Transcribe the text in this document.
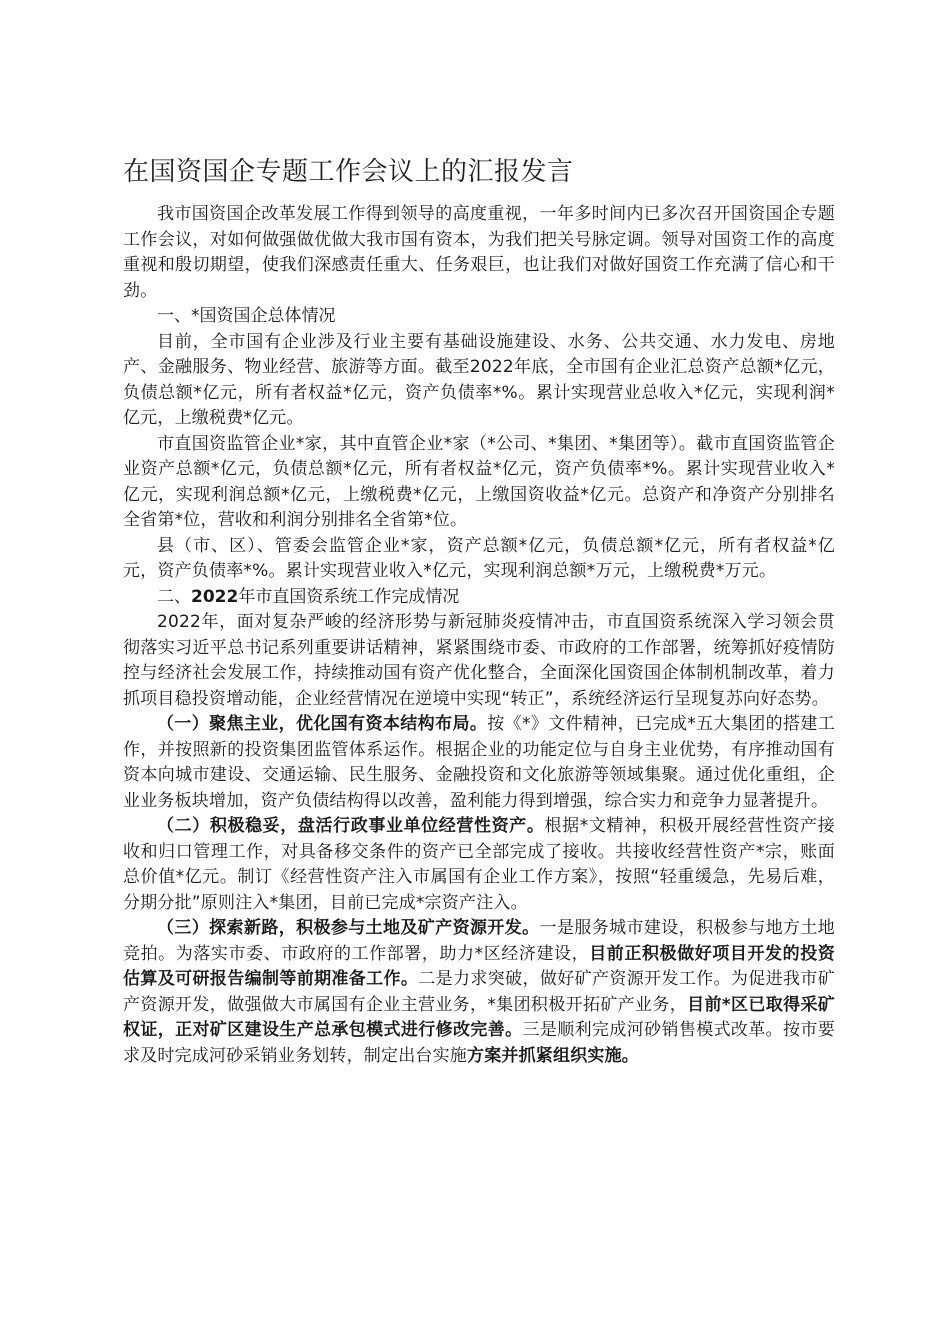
在国资国企专题工作会议上的汇报发言

我市国资国企改革发展工作得到领导的高度重视，一年多时间内已多次召开国资国企专题工作会议，对如何做强做优做大我市国有资本，为我们把关号脉定调。领导对国资工作的高度重视和殷切期望，使我们深感责任重大、任务艰巨，也让我们对做好国资工作充满了信心和干劲。

一、*国资国企总体情况

目前，全市国有企业涉及行业主要有基础设施建设、水务、公共交通、水力发电、房地产、金融服务、物业经营、旅游等方面。截至2022年底，全市国有企业汇总资产总额*亿元，负债总额*亿元，所有者权益*亿元，资产负债率*%。累计实现营业总收入*亿元，实现利润*亿元，上缴税费*亿元。

市直国资监管企业*家，其中直管企业*家（*公司、*集团、*集团等）。截市直国资监管企业资产总额*亿元，负债总额*亿元，所有者权益*亿元，资产负债率*%。累计实现营业收入*亿元，实现利润总额*亿元，上缴税费*亿元，上缴国资收益*亿元。总资产和净资产分别排名全省第*位，营收和利润分别排名全省第*位。

县（市、区）、管委会监管企业*家，资产总额*亿元，负债总额*亿元，所有者权益*亿元，资产负债率*%。累计实现营业收入*亿元，实现利润总额*万元，上缴税费*万元。

二、2022年市直国资系统工作完成情况

2022年，面对复杂严峻的经济形势与新冠肺炎疫情冲击，市直国资系统深入学习领会贯彻落实习近平总书记系列重要讲话精神，紧紧围绕市委、市政府的工作部署，统筹抓好疫情防控与经济社会发展工作，持续推动国有资产优化整合，全面深化国资国企体制机制改革，着力抓项目稳投资增动能，企业经营情况在逆境中实现“转正”，系统经济运行呈现复苏向好态势。

（一）聚焦主业，优化国有资本结构布局。按《*》文件精神，已完成*五大集团的搭建工作，并按照新的投资集团监管体系运作。根据企业的功能定位与自身主业优势，有序推动国有资本向城市建设、交通运输、民生服务、金融投资和文化旅游等领域集聚。通过优化重组，企业业务板块增加，资产负债结构得以改善，盈利能力得到增强，综合实力和竞争力显著提升。

（二）积极稳妥，盘活行政事业单位经营性资产。根据*文精神，积极开展经营性资产接收和归口管理工作，对具备移交条件的资产已全部完成了接收。共接收经营性资产*宗，账面总价值*亿元。制订《经营性资产注入市属国有企业工作方案》，按照“轻重缓急，先易后难，分期分批”原则注入*集团，目前已完成*宗资产注入。

（三）探索新路，积极参与土地及矿产资源开发。一是服务城市建设，积极参与地方土地竞拍。为落实市委、市政府的工作部署，助力*区经济建设，目前正积极做好项目开发的投资估算及可研报告编制等前期准备工作。二是力求突破，做好矿产资源开发工作。为促进我市矿产资源开发，做强做大市属国有企业主营业务，*集团积极开拓矿产业务，目前*区已取得采矿权证，正对矿区建设生产总承包模式进行修改完善。三是顺利完成河砂销售模式改革。按市要求及时完成河砂采销业务划转，制定出台实施方案并抓紧组织实施。
